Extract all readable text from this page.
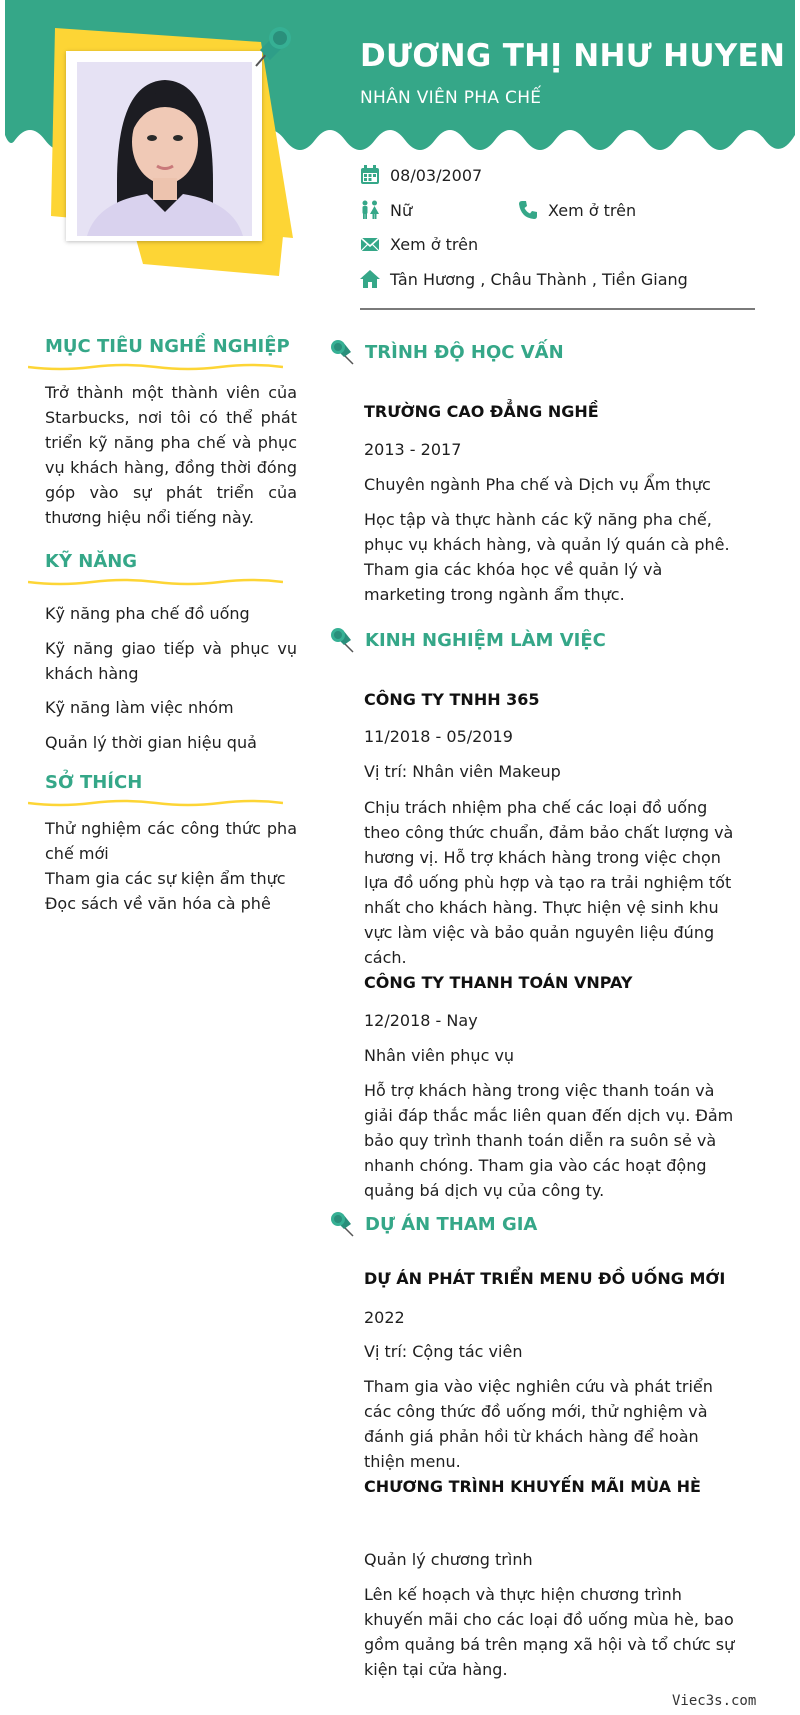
DƯƠNG THỊ NHƯ HUYEN
NHÂN VIÊN PHA CHẾ
08/03/2007
Nữ	Xem ở trên
Xem ở trên
Tân Hương , Châu Thành , Tiền Giang
MỤC TIÊU NGHỀ NGHIỆP
Trở thành một thành viên của Starbucks, nơi tôi có thể phát triển kỹ năng pha chế và phục vụ khách hàng, đồng thời đóng góp vào sự phát triển của thương hiệu nổi tiếng này.
KỸ NĂNG
Kỹ năng pha chế đồ uống
Kỹ năng giao tiếp và phục vụ khách hàng
Kỹ năng làm việc nhóm
Quản lý thời gian hiệu quả
SỞ THÍCH
Thử nghiệm các công thức pha chế mới
Tham gia các sự kiện ẩm thực
Đọc sách về văn hóa cà phê
TRÌNH ĐỘ HỌC VẤN
TRƯỜNG CAO ĐẲNG NGHỀ
2013 - 2017
Chuyên ngành Pha chế và Dịch vụ Ẩm thực
Học tập và thực hành các kỹ năng pha chế, phục vụ khách hàng, và quản lý quán cà phê. Tham gia các khóa học về quản lý và marketing trong ngành ẩm thực.
KINH NGHIỆM LÀM VIỆC
CÔNG TY TNHH 365
11/2018 - 05/2019
Vị trí: Nhân viên Makeup
Chịu trách nhiệm pha chế các loại đồ uống theo công thức chuẩn, đảm bảo chất lượng và hương vị. Hỗ trợ khách hàng trong việc chọn lựa đồ uống phù hợp và tạo ra trải nghiệm tốt nhất cho khách hàng. Thực hiện vệ sinh khu vực làm việc và bảo quản nguyên liệu đúng cách.
CÔNG TY THANH TOÁN VNPAY
12/2018 - Nay
Nhân viên phục vụ
Hỗ trợ khách hàng trong việc thanh toán và giải đáp thắc mắc liên quan đến dịch vụ. Đảm bảo quy trình thanh toán diễn ra suôn sẻ và nhanh chóng. Tham gia vào các hoạt động quảng bá dịch vụ của công ty.
DỰ ÁN THAM GIA
DỰ ÁN PHÁT TRIỂN MENU ĐỒ UỐNG MỚI
2022
Vị trí: Cộng tác viên
Tham gia vào việc nghiên cứu và phát triển các công thức đồ uống mới, thử nghiệm và đánh giá phản hồi từ khách hàng để hoàn thiện menu.
CHƯƠNG TRÌNH KHUYẾN MÃI MÙA HÈ
Quản lý chương trình
Lên kế hoạch và thực hiện chương trình khuyến mãi cho các loại đồ uống mùa hè, bao gồm quảng bá trên mạng xã hội và tổ chức sự kiện tại cửa hàng.
Viec3s.com
